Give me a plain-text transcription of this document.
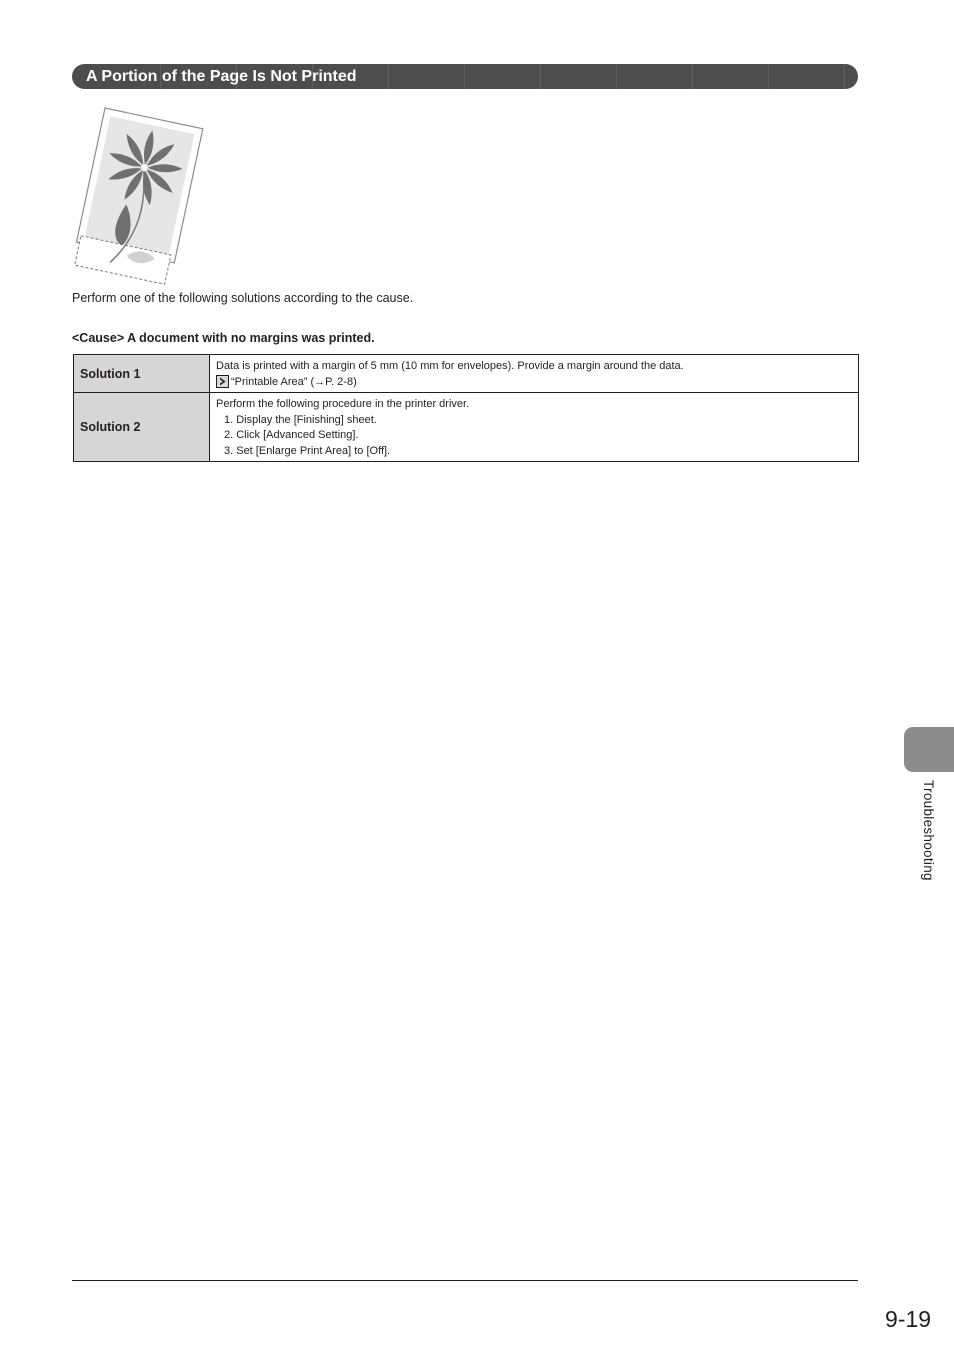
A Portion of the Page Is Not Printed
Perform one of the following solutions according to the cause.
<Cause> A document with no margins was printed.
Solution 1	Data is printed with a margin of 5 mm (10 mm for envelopes). Provide a margin around the data.
“Printable Area” (→P. 2-8)

Solution 2	Perform the following procedure in the printer driver.
1. Display the [Finishing] sheet.
2. Click [Advanced Setting].
3. Set [Enlarge Print Area] to [Off].
Troubleshooting
9-19
